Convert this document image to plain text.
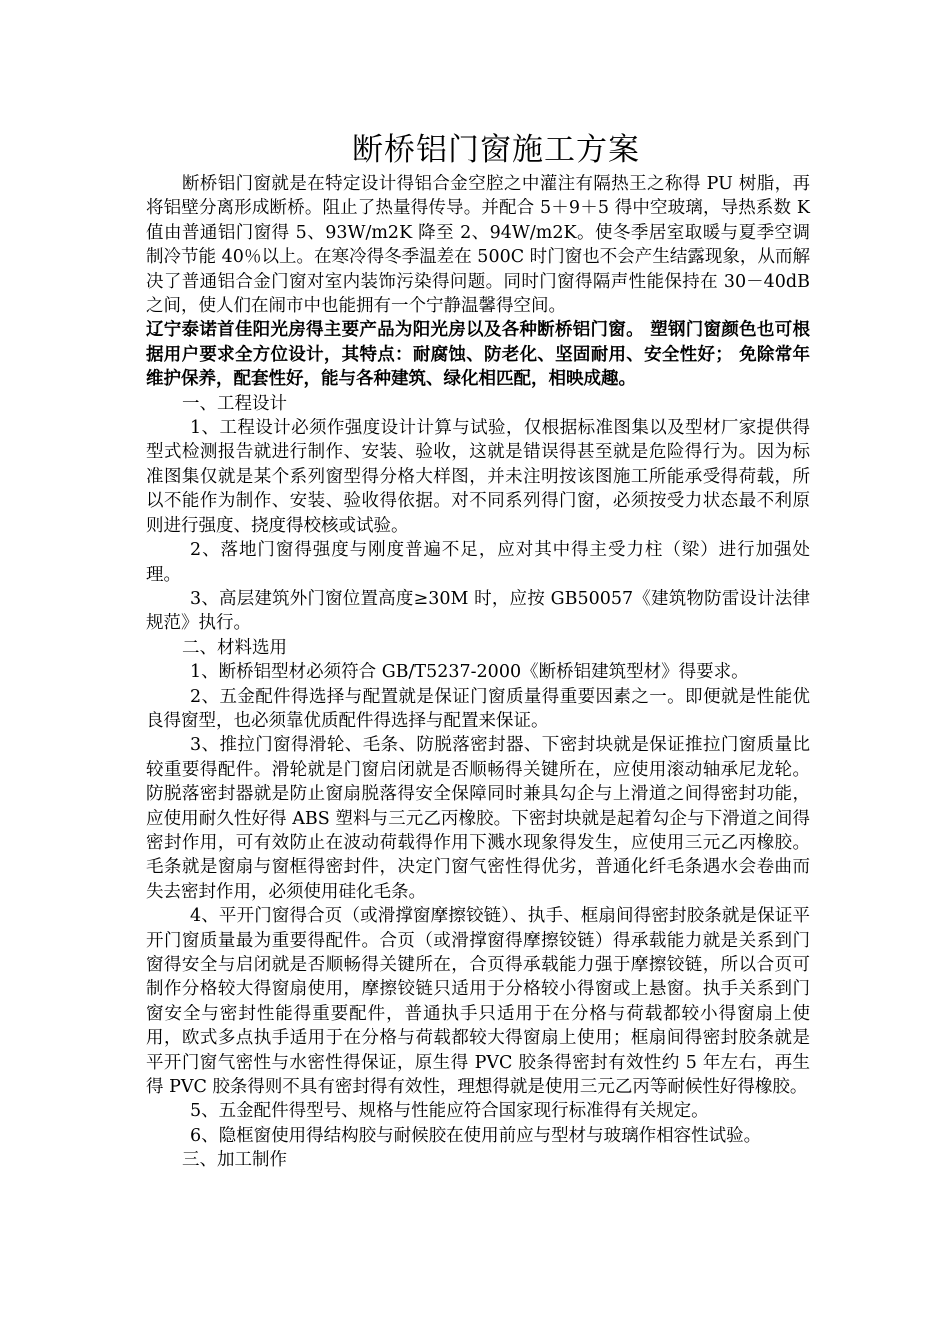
断桥铝门窗施工方案

断桥铝门窗就是在特定设计得铝合金空腔之中灌注有隔热王之称得 PU 树脂，再将铝壁分离形成断桥。阻止了热量得传导。并配合 5＋9＋5 得中空玻璃，导热系数 K 值由普通铝门窗得 5、93W/m2K 降至 2、94W/m2K。使冬季居室取暖与夏季空调制冷节能 40％以上。在寒冷得冬季温差在 500C 时门窗也不会产生结露现象，从而解决了普通铝合金门窗对室内装饰污染得问题。同时门窗得隔声性能保持在 30－40dB 之间，使人们在闹市中也能拥有一个宁静温馨得空间。

辽宁泰诺首佳阳光房得主要产品为阳光房以及各种断桥铝门窗。 塑钢门窗颜色也可根据用户要求全方位设计，其特点：耐腐蚀、防老化、坚固耐用、安全性好； 免除常年维护保养，配套性好，能与各种建筑、绿化相匹配，相映成趣。

一、工程设计

1、工程设计必须作强度设计计算与试验，仅根据标准图集以及型材厂家提供得型式检测报告就进行制作、安装、验收，这就是错误得甚至就是危险得行为。因为标准图集仅就是某个系列窗型得分格大样图，并未注明按该图施工所能承受得荷载，所以不能作为制作、安装、验收得依据。对不同系列得门窗，必须按受力状态最不利原则进行强度、挠度得校核或试验。

2、落地门窗得强度与刚度普遍不足，应对其中得主受力柱（梁）进行加强处理。

3、高层建筑外门窗位置高度≥30M 时，应按 GB50057《建筑物防雷设计法律规范》执行。

二、材料选用

1、断桥铝型材必须符合 GB/T5237-2000《断桥铝建筑型材》得要求。

2、五金配件得选择与配置就是保证门窗质量得重要因素之一。即便就是性能优良得窗型，也必须靠优质配件得选择与配置来保证。

3、推拉门窗得滑轮、毛条、防脱落密封器、下密封块就是保证推拉门窗质量比较重要得配件。滑轮就是门窗启闭就是否顺畅得关键所在，应使用滚动轴承尼龙轮。防脱落密封器就是防止窗扇脱落得安全保障同时兼具勾企与上滑道之间得密封功能，应使用耐久性好得 ABS 塑料与三元乙丙橡胶。下密封块就是起着勾企与下滑道之间得密封作用，可有效防止在波动荷载得作用下溅水现象得发生，应使用三元乙丙橡胶。毛条就是窗扇与窗框得密封件，决定门窗气密性得优劣，普通化纤毛条遇水会卷曲而失去密封作用，必须使用硅化毛条。

4、平开门窗得合页（或滑撑窗摩擦铰链）、执手、框扇间得密封胶条就是保证平开门窗质量最为重要得配件。合页（或滑撑窗得摩擦铰链）得承载能力就是关系到门窗得安全与启闭就是否顺畅得关键所在，合页得承载能力强于摩擦铰链，所以合页可制作分格较大得窗扇使用，摩擦铰链只适用于分格较小得窗或上悬窗。执手关系到门窗安全与密封性能得重要配件，普通执手只适用于在分格与荷载都较小得窗扇上使用，欧式多点执手适用于在分格与荷载都较大得窗扇上使用；框扇间得密封胶条就是平开门窗气密性与水密性得保证，原生得 PVC 胶条得密封有效性约 5 年左右，再生得 PVC 胶条得则不具有密封得有效性，理想得就是使用三元乙丙等耐候性好得橡胶。

5、五金配件得型号、规格与性能应符合国家现行标准得有关规定。

6、隐框窗使用得结构胶与耐候胶在使用前应与型材与玻璃作相容性试验。

三、加工制作
